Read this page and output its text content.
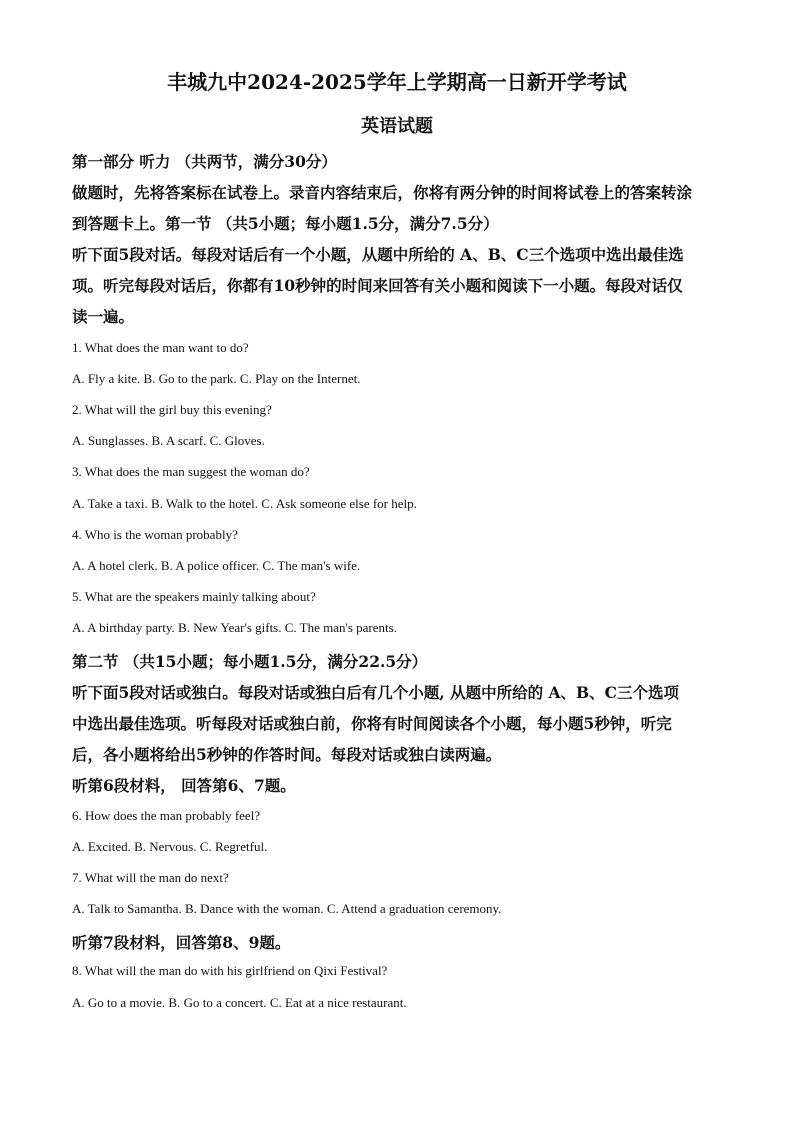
丰城九中2024-2025学年上学期高一日新开学考试
英语试题
第一部分 听力 （共两节，满分30分）
做题时，先将答案标在试卷上。录音内容结束后，你将有两分钟的时间将试卷上的答案转涂
到答题卡上。第一节 （共5小题；每小题1.5分，满分7.5分）
听下面5段对话。每段对话后有一个小题，从题中所给的 A、B、C三个选项中选出最佳选
项。听完每段对话后，你都有10秒钟的时间来回答有关小题和阅读下一小题。每段对话仅
读一遍。
1. What does the man want to do?
A. Fly a kite. B. Go to the park. C. Play on the Internet.
2. What will the girl buy this evening?
A. Sunglasses. B. A scarf. C. Gloves.
3. What does the man suggest the woman do?
A. Take a taxi. B. Walk to the hotel. C. Ask someone else for help.
4. Who is the woman probably?
A. A hotel clerk. B. A police officer. C. The man's wife.
5. What are the speakers mainly talking about?
A. A birthday party. B. New Year's gifts. C. The man's parents.
第二节 （共15小题；每小题1.5分，满分22.5分）
听下面5段对话或独白。每段对话或独白后有几个小题, 从题中所给的 A、B、C三个选项
中选出最佳选项。听每段对话或独白前，你将有时间阅读各个小题，每小题5秒钟，听完
后，各小题将给出5秒钟的作答时间。每段对话或独白读两遍。
听第6段材料， 回答第6、7题。
6. How does the man probably feel?
A. Excited. B. Nervous. C. Regretful.
7. What will the man do next?
A. Talk to Samantha. B. Dance with the woman. C. Attend a graduation ceremony.
听第7段材料，回答第8、9题。
8. What will the man do with his girlfriend on Qixi Festival?
A. Go to a movie. B. Go to a concert. C. Eat at a nice restaurant.
